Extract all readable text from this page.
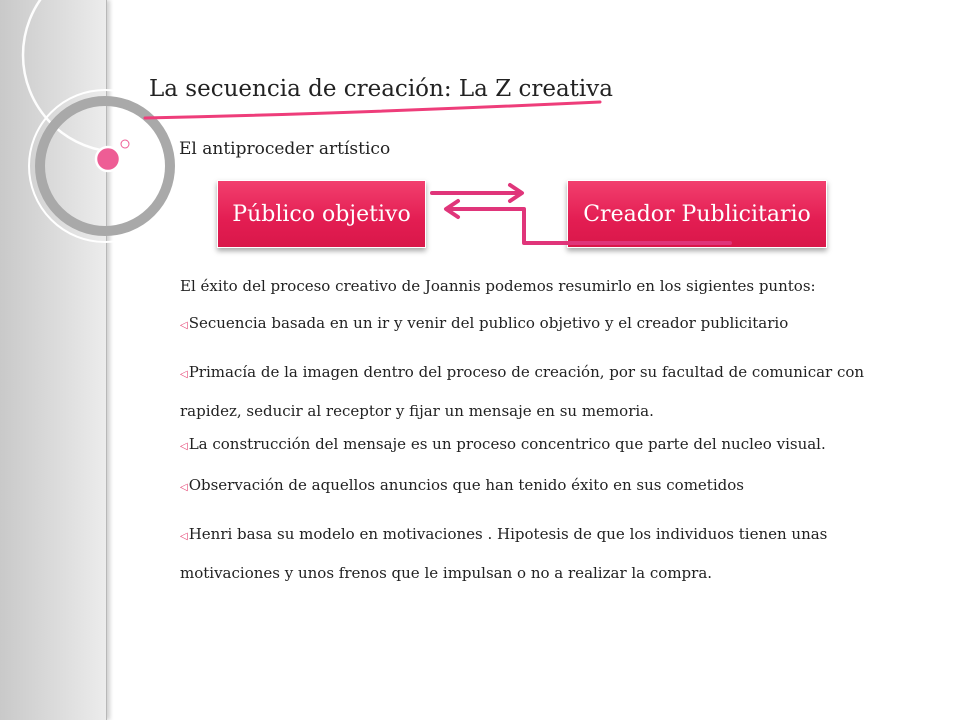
La secuencia de creación: La Z creativa

El antiproceder artístico

Público objetivo	Creador Publicitario

El éxito del proceso creativo de Joannis podemos resumirlo en los sigientes puntos:

◁Secuencia basada en un ir y venir del publico objetivo y el creador publicitario

◁Primacía de la imagen dentro del proceso de creación, por su facultad de comunicar con rapidez, seducir al receptor y fijar un mensaje en su memoria.

◁La construcción del mensaje es un proceso concentrico que parte del nucleo visual.

◁Observación de aquellos anuncios que han tenido éxito en sus cometidos

◁Henri basa su modelo en motivaciones . Hipotesis de que los individuos tienen unas motivaciones y unos frenos que le impulsan o no a realizar la compra.
